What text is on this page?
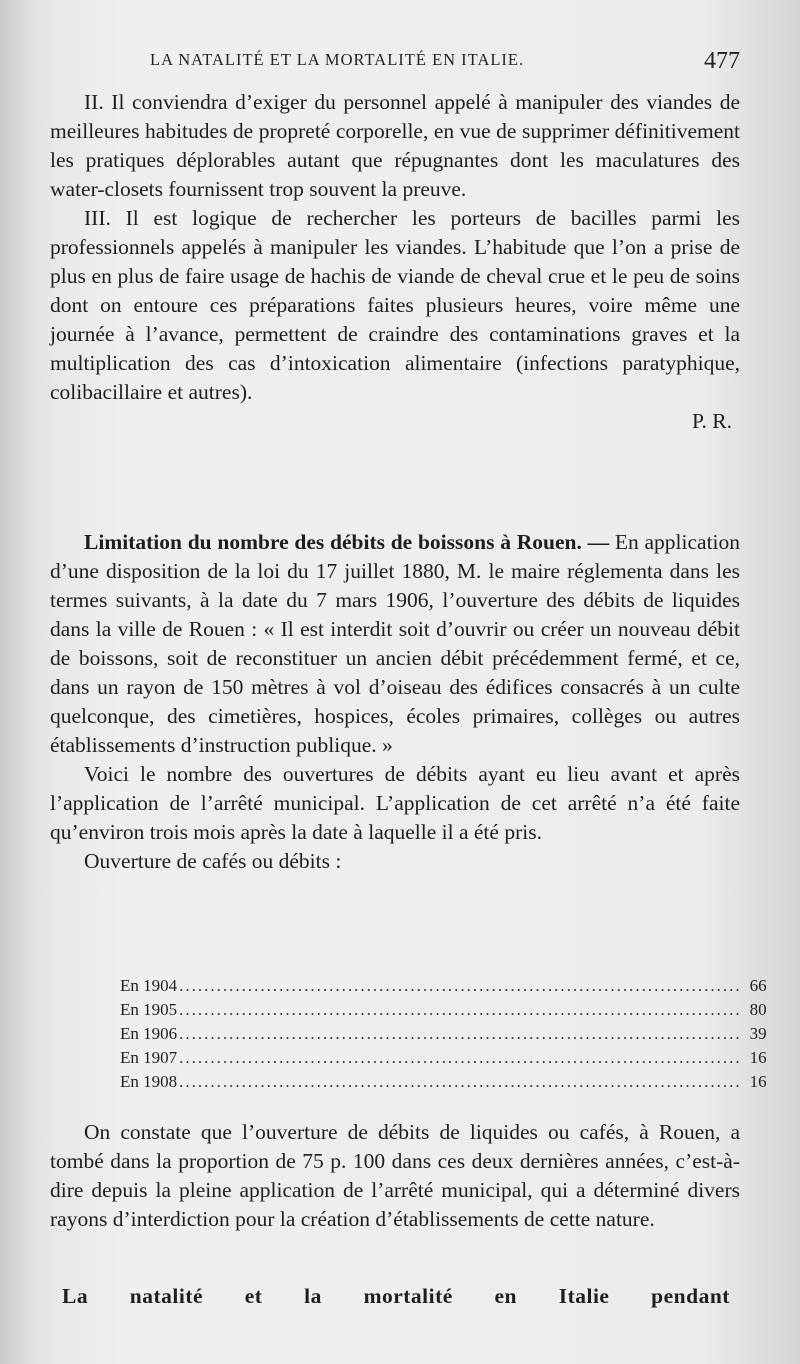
LA NATALITÉ ET LA MORTALITÉ EN ITALIE.	477

II. Il conviendra d’exiger du personnel appelé à manipuler des viandes de meilleures habitudes de propreté corporelle, en vue de supprimer définitivement les pratiques déplorables autant que répugnantes dont les maculatures des water-closets fournissent trop souvent la preuve.

III. Il est logique de rechercher les porteurs de bacilles parmi les professionnels appelés à manipuler les viandes. L’habitude que l’on a prise de plus en plus de faire usage de hachis de viande de cheval crue et le peu de soins dont on entoure ces préparations faites plusieurs heures, voire même une journée à l’avance, permettent de craindre des contaminations graves et la multiplication des cas d’intoxication alimentaire (infections paratyphique, colibacillaire et autres).

P. R.

Limitation du nombre des débits de boissons à Rouen. — En application d’une disposition de la loi du 17 juillet 1880, M. le maire réglementa dans les termes suivants, à la date du 7 mars 1906, l’ouverture des débits de liquides dans la ville de Rouen : « Il est interdit soit d’ouvrir ou créer un nouveau débit de boissons, soit de reconstituer un ancien débit précédemment fermé, et ce, dans un rayon de 150 mètres à vol d’oiseau des édifices consacrés à un culte quelconque, des cimetières, hospices, écoles primaires, collèges ou autres établissements d’instruction publique. »

Voici le nombre des ouvertures de débits ayant eu lieu avant et après l’application de l’arrêté municipal. L’application de cet arrêté n’a été faite qu’environ trois mois après la date à laquelle il a été pris.

Ouverture de cafés ou débits :

En 1904 .......................................................................................... 66
En 1905 .......................................................................................... 80
En 1906 .......................................................................................... 39
En 1907 .......................................................................................... 16
En 1908 .......................................................................................... 16

On constate que l’ouverture de débits de liquides ou cafés, à Rouen, a tombé dans la proportion de 75 p. 100 dans ces deux dernières années, c’est-à-dire depuis la pleine application de l’arrêté municipal, qui a déterminé divers rayons d’interdiction pour la création d’établissements de cette nature.

La natalité et la mortalité en Italie pendant
